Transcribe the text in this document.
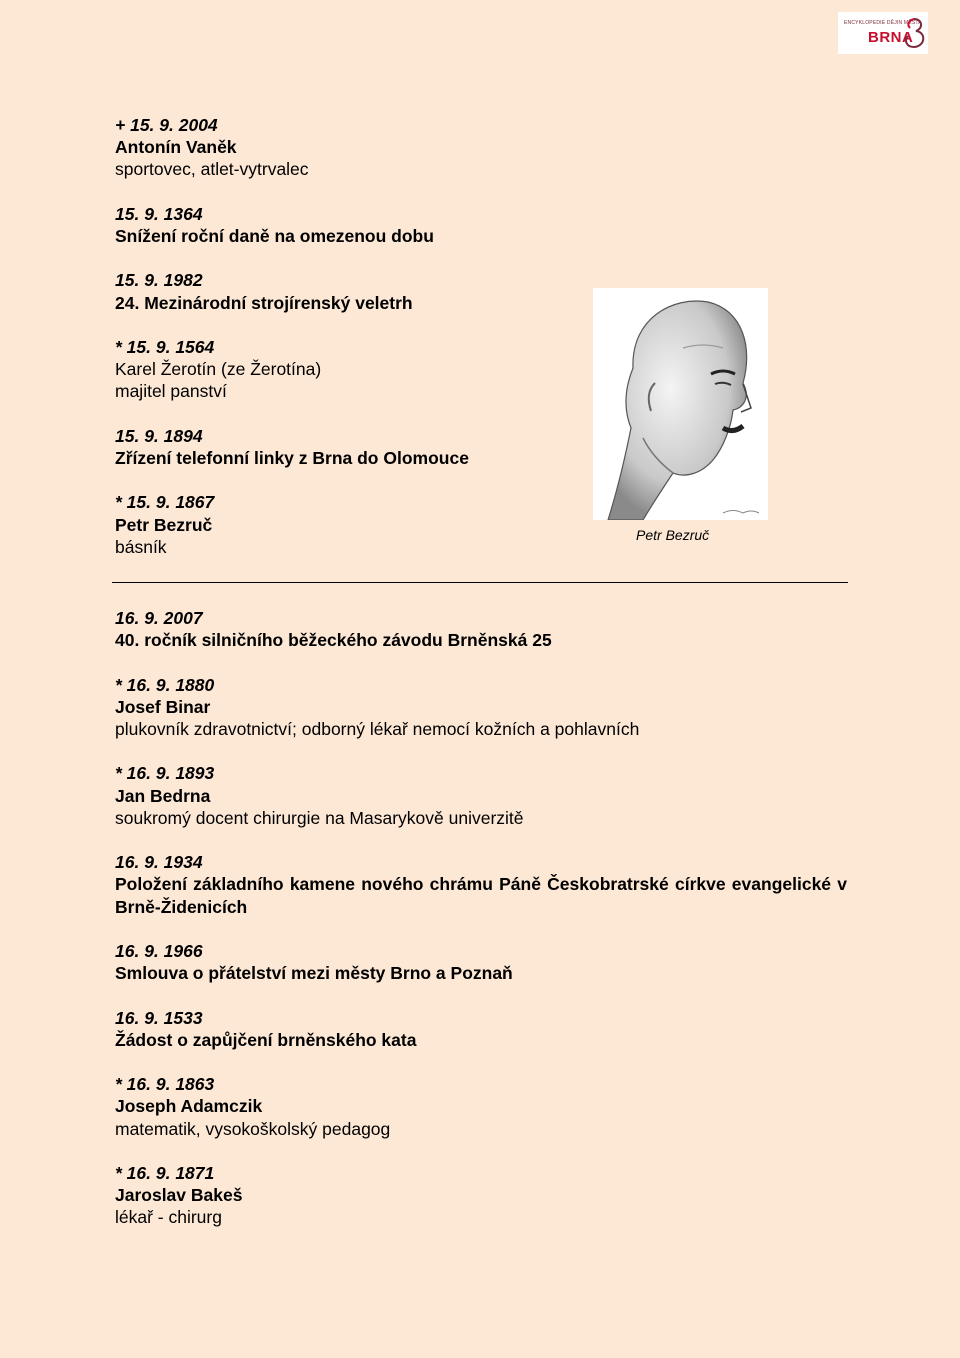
ENCYKLOPEDIE DĚJIN MĚSTA
BRNA
+ 15. 9. 2004
Antonín Vaněk
sportovec, atlet-vytrvalec
15. 9. 1364
Snížení roční daně na omezenou dobu
15. 9. 1982
24. Mezinárodní strojírenský veletrh
* 15. 9. 1564
Karel Žerotín (ze Žerotína)
majitel panství
15. 9. 1894
Zřízení telefonní linky z Brna do Olomouce
* 15. 9. 1867
Petr Bezruč
básník
Petr Bezruč
16. 9. 2007
40. ročník silničního běžeckého závodu Brněnská 25
* 16. 9. 1880
Josef Binar
plukovník zdravotnictví; odborný lékař nemocí kožních a pohlavních
* 16. 9. 1893
Jan Bedrna
soukromý docent chirurgie na Masarykově univerzitě
16. 9. 1934
Položení základního kamene nového chrámu Páně Českobratrské církve evangelické v Brně-Židenicích
16. 9. 1966
Smlouva o přátelství mezi městy Brno a Poznaň
16. 9. 1533
Žádost o zapůjčení brněnského kata
* 16. 9. 1863
Joseph Adamczik
matematik, vysokoškolský pedagog
* 16. 9. 1871
Jaroslav Bakeš
lékař - chirurg
